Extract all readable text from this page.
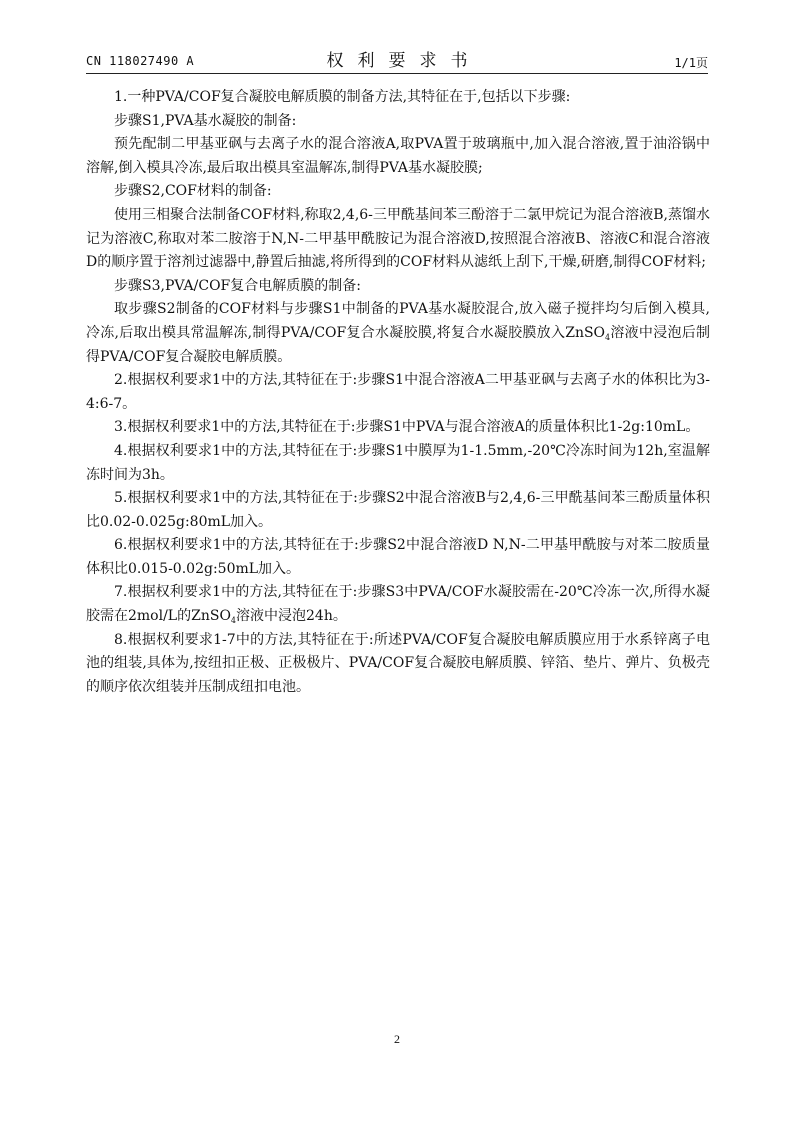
CN 118027490 A	权利要求书	1/1页

1.一种PVA/COF复合凝胶电解质膜的制备方法,其特征在于,包括以下步骤:

步骤S1,PVA基水凝胶的制备:

预先配制二甲基亚砜与去离子水的混合溶液A,取PVA置于玻璃瓶中,加入混合溶液,置于油浴锅中溶解,倒入模具冷冻,最后取出模具室温解冻,制得PVA基水凝胶膜;

步骤S2,COF材料的制备:

使用三相聚合法制备COF材料,称取2,4,6-三甲酰基间苯三酚溶于二氯甲烷记为混合溶液B,蒸馏水记为溶液C,称取对苯二胺溶于N,N-二甲基甲酰胺记为混合溶液D,按照混合溶液B、溶液C和混合溶液D的顺序置于溶剂过滤器中,静置后抽滤,将所得到的COF材料从滤纸上刮下,干燥,研磨,制得COF材料;

步骤S3,PVA/COF复合电解质膜的制备:

取步骤S2制备的COF材料与步骤S1中制备的PVA基水凝胶混合,放入磁子搅拌均匀后倒入模具,冷冻,后取出模具常温解冻,制得PVA/COF复合水凝胶膜,将复合水凝胶膜放入ZnSO$_4$溶液中浸泡后制得PVA/COF复合凝胶电解质膜。

2.根据权利要求1中的方法,其特征在于:步骤S1中混合溶液A二甲基亚砜与去离子水的体积比为3-4:6-7。

3.根据权利要求1中的方法,其特征在于:步骤S1中PVA与混合溶液A的质量体积比1-2g:10mL。

4.根据权利要求1中的方法,其特征在于:步骤S1中膜厚为1-1.5mm,-20℃冷冻时间为12h,室温解冻时间为3h。

5.根据权利要求1中的方法,其特征在于:步骤S2中混合溶液B与2,4,6-三甲酰基间苯三酚质量体积比0.02-0.025g:80mL加入。

6.根据权利要求1中的方法,其特征在于:步骤S2中混合溶液D N,N-二甲基甲酰胺与对苯二胺质量体积比0.015-0.02g:50mL加入。

7.根据权利要求1中的方法,其特征在于:步骤S3中PVA/COF水凝胶需在-20℃冷冻一次,所得水凝胶需在2mol/L的ZnSO$_4$溶液中浸泡24h。

8.根据权利要求1-7中的方法,其特征在于:所述PVA/COF复合凝胶电解质膜应用于水系锌离子电池的组装,具体为,按纽扣正极、正极极片、PVA/COF复合凝胶电解质膜、锌箔、垫片、弹片、负极壳的顺序依次组装并压制成纽扣电池。

2
